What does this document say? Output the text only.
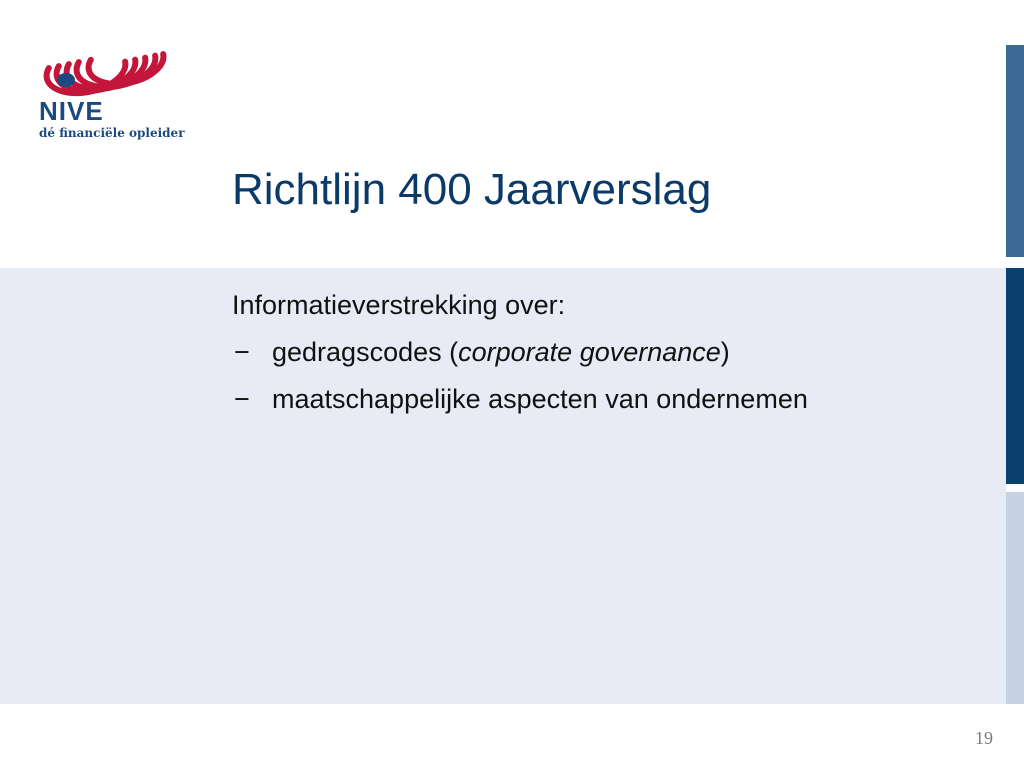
NIVE
dé financiële opleider
Richtlijn 400 Jaarverslag
Informatieverstrekking over:
− gedragscodes (corporate governance)
− maatschappelijke aspecten van ondernemen
19
